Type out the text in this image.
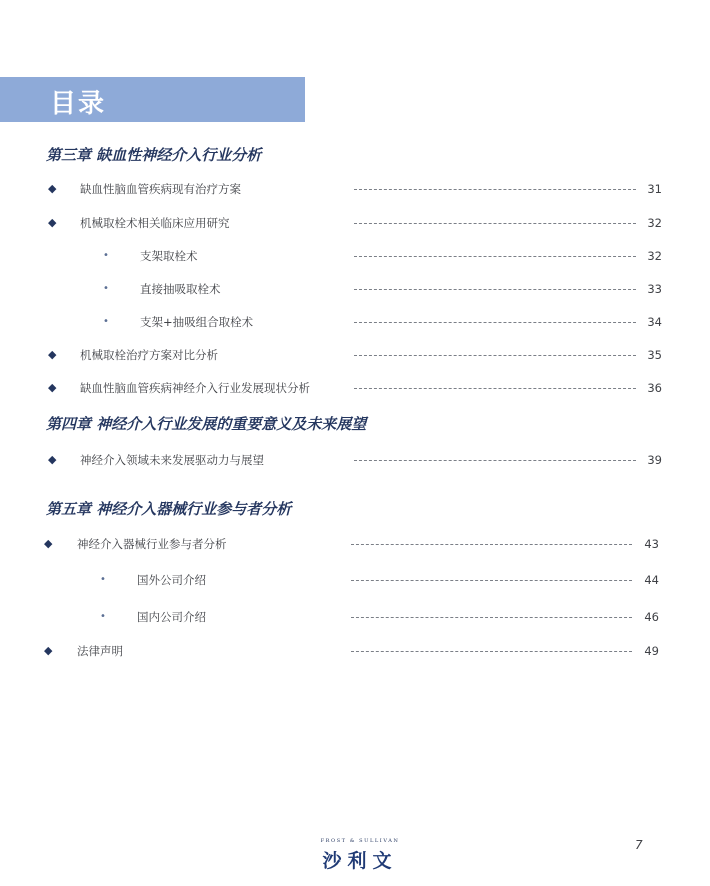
目录
第三章 缺血性神经介入行业分析
◆ 缺血性脑血管疾病现有治疗方案	31
◆ 机械取栓术相关临床应用研究	32
•	支架取栓术	32
•	直接抽吸取栓术	33
•	支架+抽吸组合取栓术	34
◆ 机械取栓治疗方案对比分析	35
◆ 缺血性脑血管疾病神经介入行业发展现状分析	36
第四章 神经介入行业发展的重要意义及未来展望
◆ 神经介入领域未来发展驱动力与展望	39
第五章 神经介入器械行业参与者分析
◆ 神经介入器械行业参与者分析	43
•	国外公司介绍	44
•	国内公司介绍	46
◆ 法律声明	49
FROST & SULLIVAN
沙利文
7
